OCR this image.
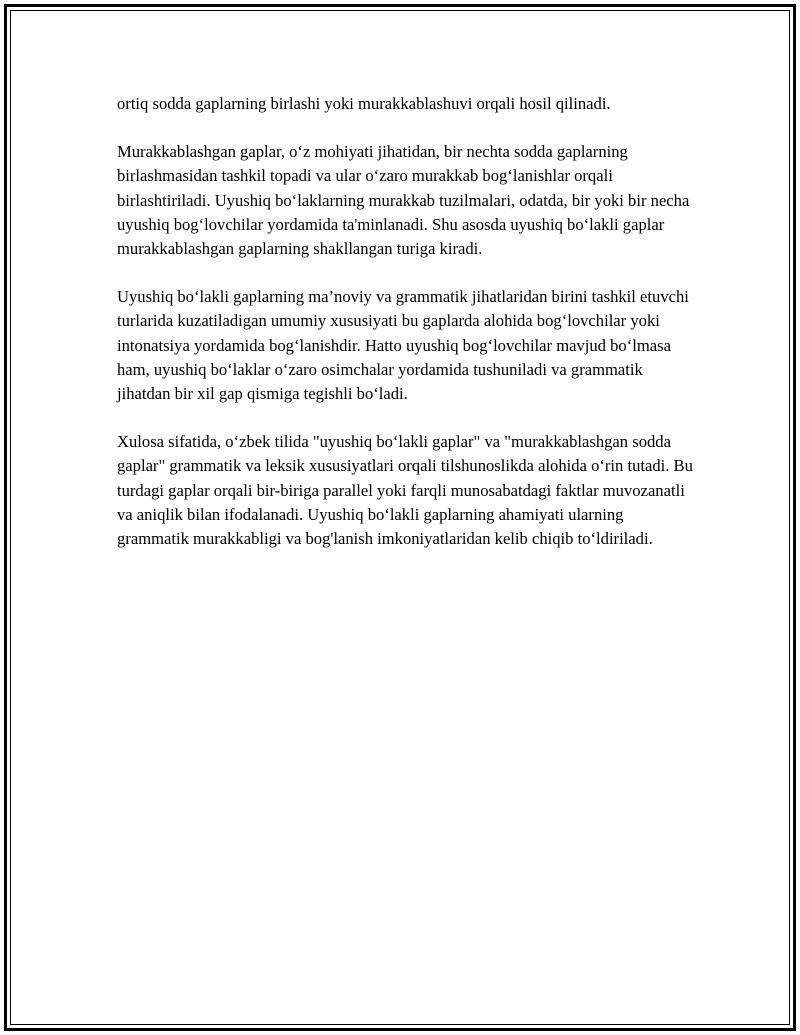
ortiq sodda gaplarning birlashi yoki murakkablashuvi orqali hosil qilinadi.

Murakkablashgan gaplar, o‘z mohiyati jihatidan, bir nechta sodda gaplarning birlashmasidan tashkil topadi va ular o‘zaro murakkab bog‘lanishlar orqali birlashtiriladi. Uyushiq bo‘laklarning murakkab tuzilmalari, odatda, bir yoki bir necha uyushiq bog‘lovchilar yordamida ta'minlanadi. Shu asosda uyushiq bo‘lakli gaplar murakkablashgan gaplarning shakllangan turiga kiradi.

Uyushiq bo‘lakli gaplarning ma’noviy va grammatik jihatlaridan birini tashkil etuvchi turlarida kuzatiladigan umumiy xususiyati bu gaplarda alohida bog‘lovchilar yoki intonatsiya yordamida bog‘lanishdir. Hatto uyushiq bog‘lovchilar mavjud bo‘lmasa ham, uyushiq bo‘laklar o‘zaro osimchalar yordamida tushuniladi va grammatik jihatdan bir xil gap qismiga tegishli bo‘ladi.

Xulosa sifatida, o‘zbek tilida "uyushiq bo‘lakli gaplar" va "murakkablashgan sodda gaplar" grammatik va leksik xususiyatlari orqali tilshunoslikda alohida o‘rin tutadi. Bu turdagi gaplar orqali bir-biriga parallel yoki farqli munosabatdagi faktlar muvozanatli va aniqlik bilan ifodalanadi. Uyushiq bo‘lakli gaplarning ahamiyati ularning grammatik murakkabligi va bog'lanish imkoniyatlaridan kelib chiqib to‘ldiriladi.
